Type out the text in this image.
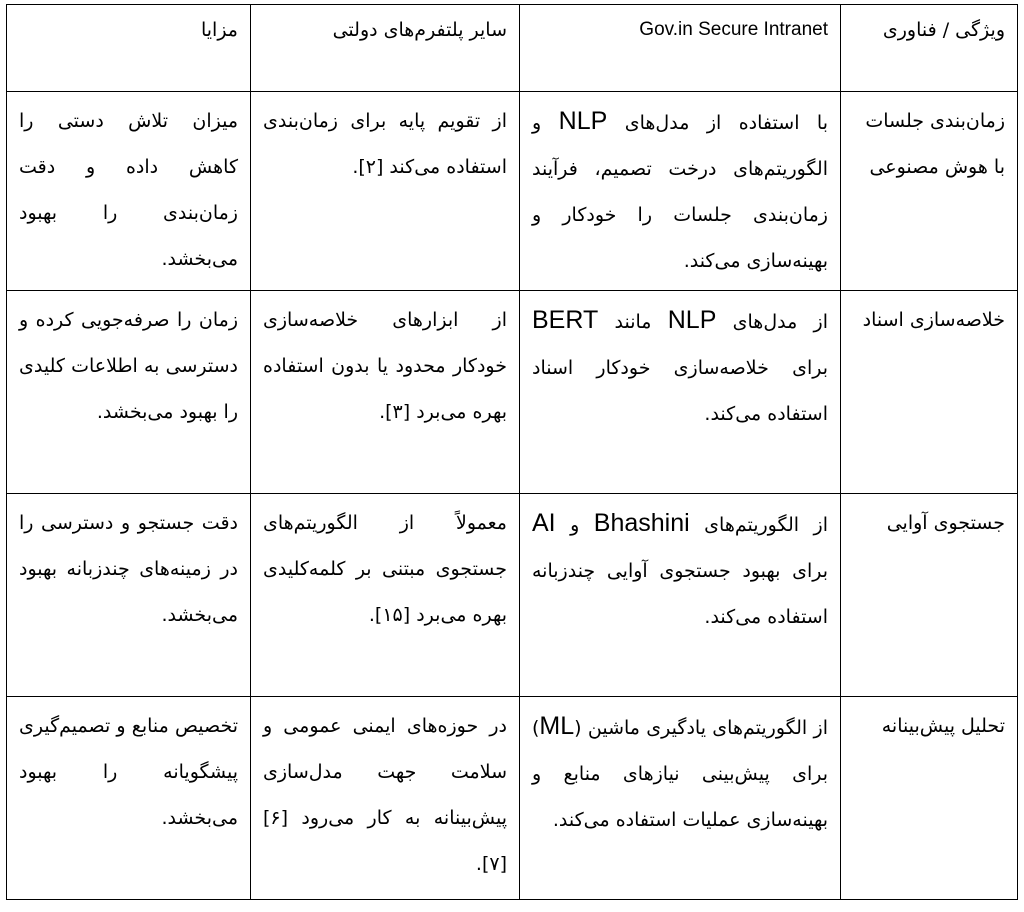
ویژگی / فناوری	Gov.in Secure Intranet	سایر پلتفرم‌های دولتی	مزایا
زمان‌بندی جلسات با هوش مصنوعی	با استفاده از مدل‌های NLP و الگوریتم‌های درخت تصمیم، فرآیند زمان‌بندی جلسات را خودکار و بهینه‌سازی می‌کند.	از تقویم پایه برای زمان‌بندی استفاده می‌کند [۲].	میزان تلاش دستی را کاهش داده و دقت زمان‌بندی را بهبود می‌بخشد.
خلاصه‌سازی اسناد	از مدل‌های NLP مانند BERT برای خلاصه‌سازی خودکار اسناد استفاده می‌کند.	از ابزارهای خلاصه‌سازی خودکار محدود یا بدون استفاده بهره می‌برد [۳].	زمان را صرفه‌جویی کرده و دسترسی به اطلاعات کلیدی را بهبود می‌بخشد.
جستجوی آوایی	از الگوریتم‌های Bhashini و AI برای بهبود جستجوی آوایی چندزبانه استفاده می‌کند.	معمولاً از الگوریتم‌های جستجوی مبتنی بر کلمه‌کلیدی بهره می‌برد [۱۵].	دقت جستجو و دسترسی را در زمینه‌های چندزبانه بهبود می‌بخشد.
تحلیل پیش‌بینانه	از الگوریتم‌های یادگیری ماشین (ML) برای پیش‌بینی نیازهای منابع و بهینه‌سازی عملیات استفاده می‌کند.	در حوزه‌های ایمنی عمومی و سلامت جهت مدل‌سازی پیش‌بینانه به کار می‌رود [۶][۷].	تخصیص منابع و تصمیم‌گیری پیشگویانه را بهبود می‌بخشد.
